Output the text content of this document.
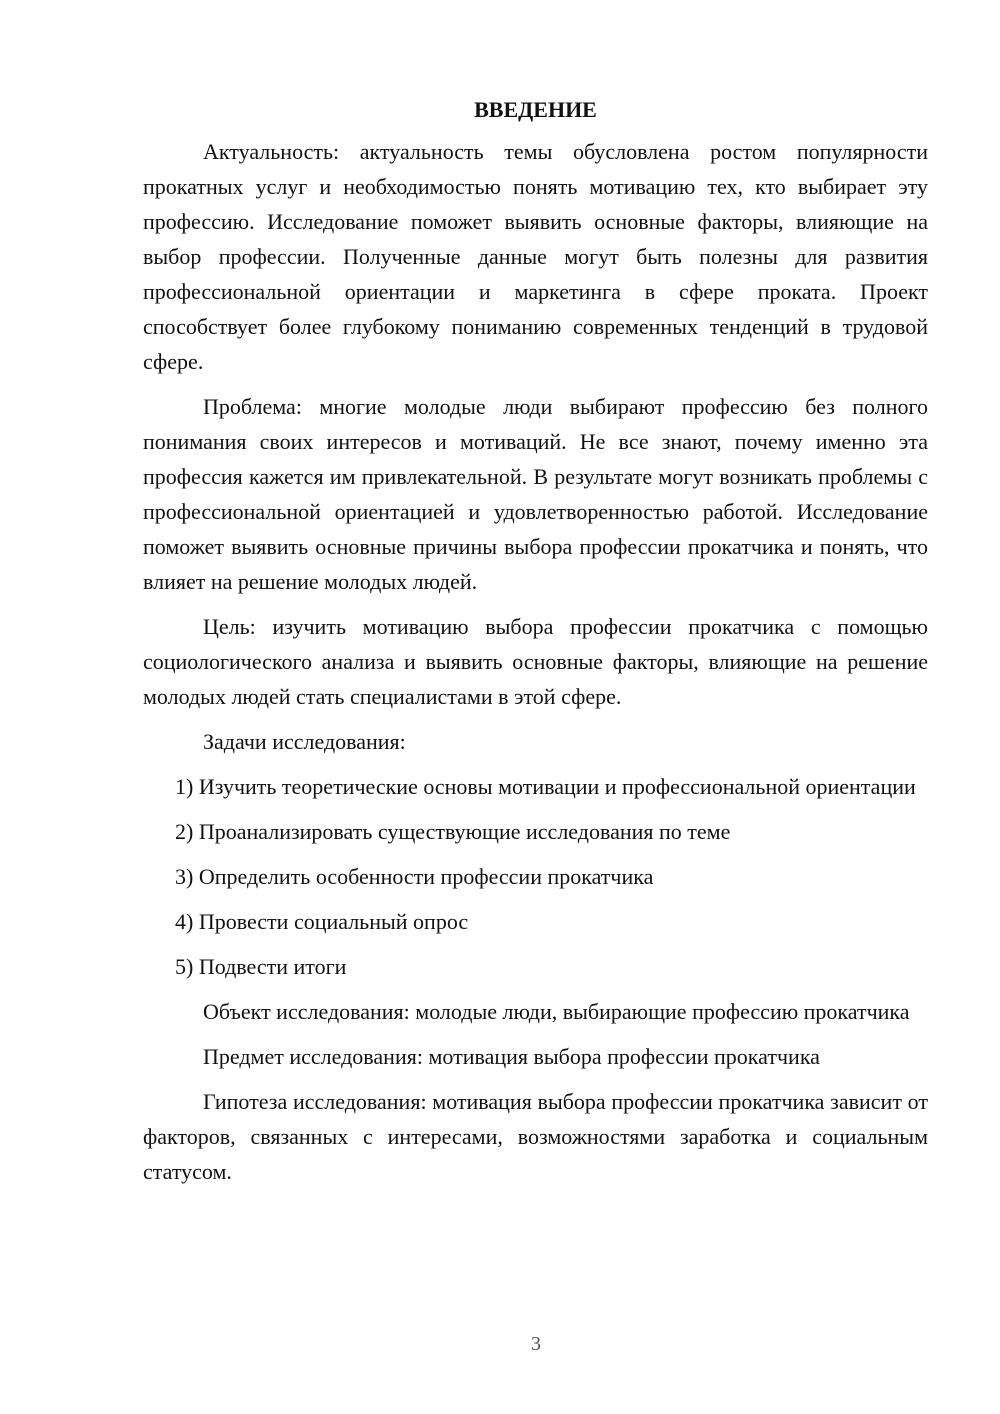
ВВЕДЕНИЕ

Актуальность: актуальность темы обусловлена ростом популярности прокатных услуг и необходимостью понять мотивацию тех, кто выбирает эту профессию. Исследование поможет выявить основные факторы, влияющие на выбор профессии. Полученные данные могут быть полезны для развития профессиональной ориентации и маркетинга в сфере проката. Проект способствует более глубокому пониманию современных тенденций в трудовой сфере.

Проблема: многие молодые люди выбирают профессию без полного понимания своих интересов и мотиваций. Не все знают, почему именно эта профессия кажется им привлекательной. В результате могут возникать проблемы с профессиональной ориентацией и удовлетворенностью работой. Исследование поможет выявить основные причины выбора профессии прокатчика и понять, что влияет на решение молодых людей.

Цель: изучить мотивацию выбора профессии прокатчика с помощью социологического анализа и выявить основные факторы, влияющие на решение молодых людей стать специалистами в этой сфере.

Задачи исследования:

1) Изучить теоретические основы мотивации и профессиональной ориентации

2) Проанализировать существующие исследования по теме

3) Определить особенности профессии прокатчика

4) Провести социальный опрос

5) Подвести итоги

Объект исследования: молодые люди, выбирающие профессию прокатчика

Предмет исследования: мотивация выбора профессии прокатчика

Гипотеза исследования: мотивация выбора профессии прокатчика зависит от факторов, связанных с интересами, возможностями заработка и социальным статусом.

3
